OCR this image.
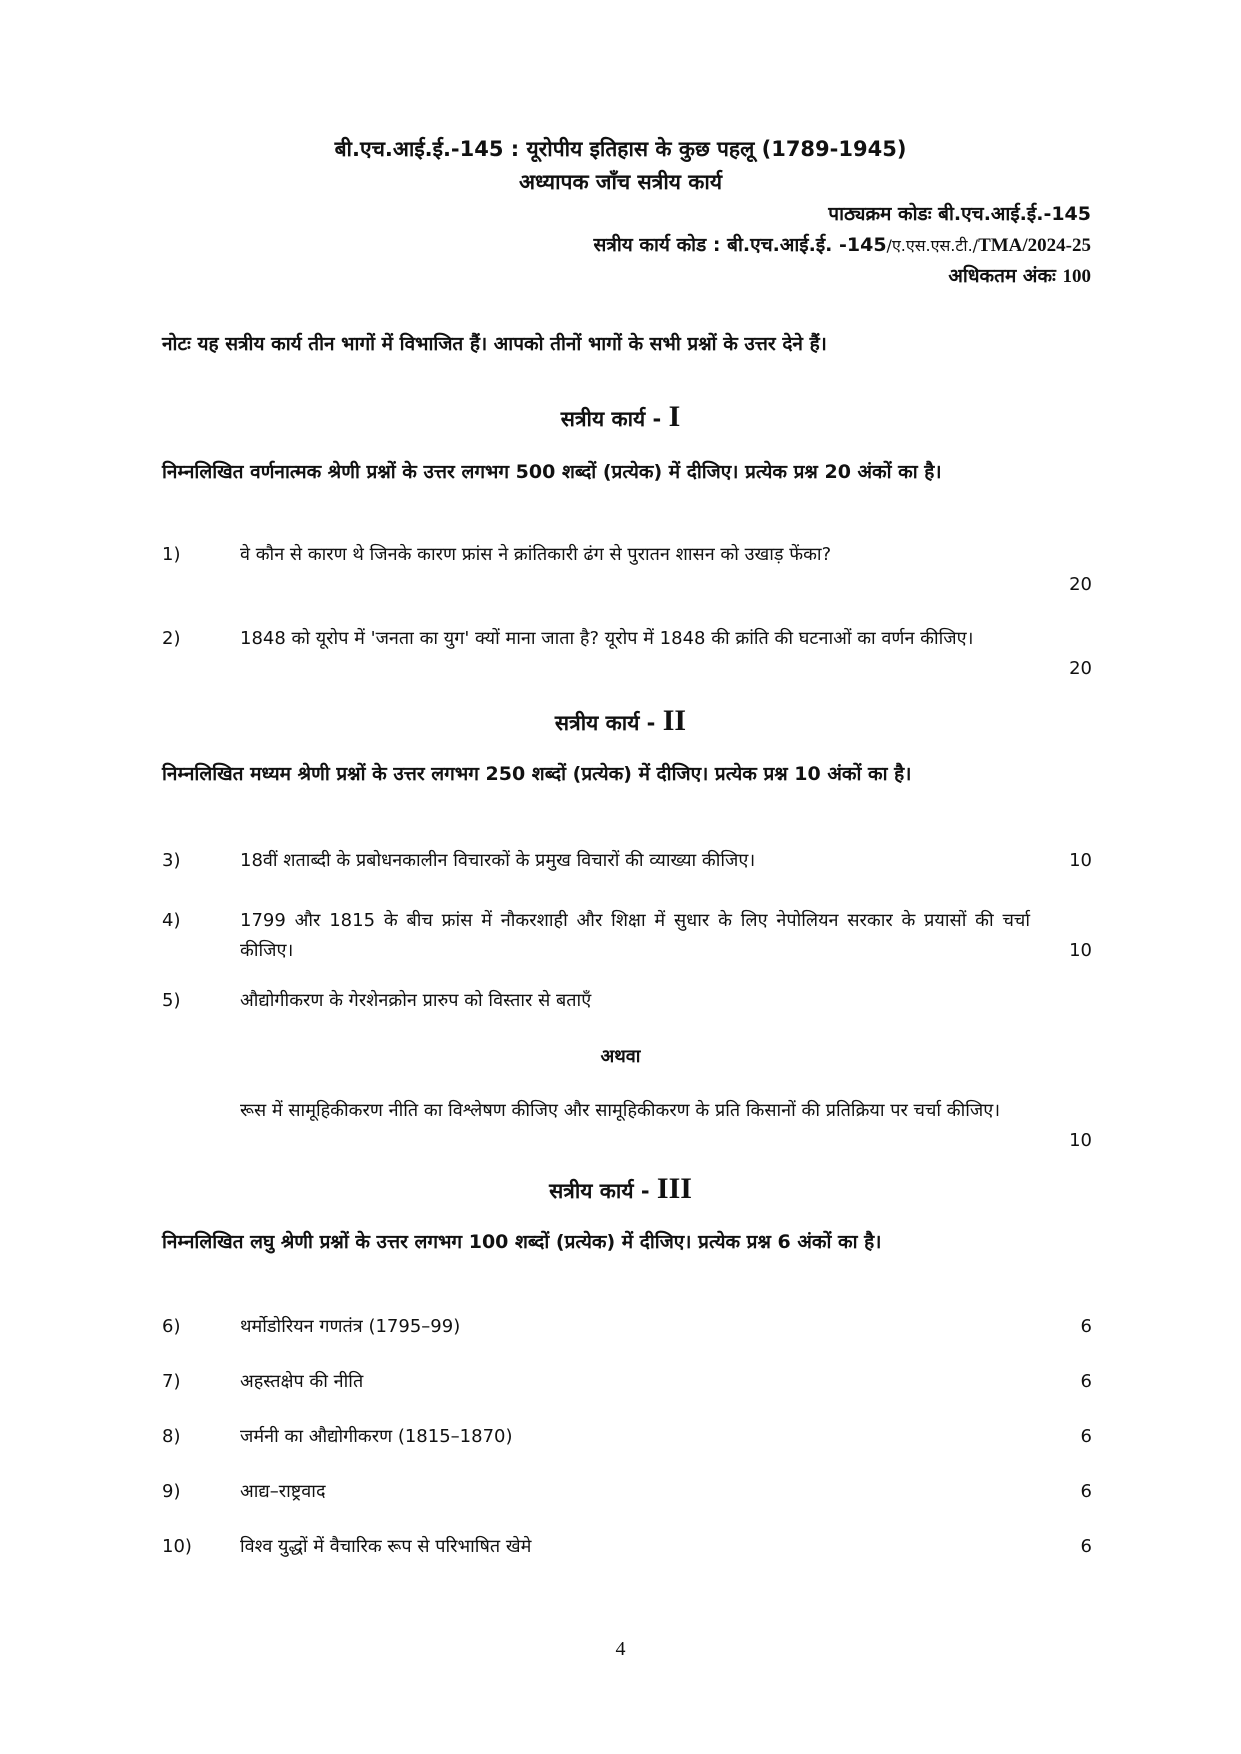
बी.एच.आई.ई.-145 : यूरोपीय इतिहास के कुछ पहलू (1789-1945)
अध्यापक जाँच सत्रीय कार्य
पाठ्यक्रम कोडः बी.एच.आई.ई.-145
सत्रीय कार्य कोड : बी.एच.आई.ई. -145/ए.एस.एस.टी./TMA/2024-25
अधिकतम अंकः 100
नोटः यह सत्रीय कार्य तीन भागों में विभाजित हैं। आपको तीनों भागों के सभी प्रश्नों के उत्तर देने हैं।
सत्रीय कार्य - I
निम्नलिखित वर्णनात्मक श्रेणी प्रश्नों के उत्तर लगभग 500 शब्दों (प्रत्येक) में दीजिए। प्रत्येक प्रश्न 20 अंकों का है।
1)	वे कौन से कारण थे जिनके कारण फ्रांस ने क्रांतिकारी ढंग से पुरातन शासन को उखाड़ फेंका?
20
2)	1848 को यूरोप में 'जनता का युग' क्यों माना जाता है? यूरोप में 1848 की क्रांति की घटनाओं का वर्णन कीजिए।
20
सत्रीय कार्य - II
निम्नलिखित मध्यम श्रेणी प्रश्नों के उत्तर लगभग 250 शब्दों (प्रत्येक) में दीजिए। प्रत्येक प्रश्न 10 अंकों का है।
3)	18वीं शताब्दी के प्रबोधनकालीन विचारकों के प्रमुख विचारों की व्याख्या कीजिए।	10
4)	1799 और 1815 के बीच फ्रांस में नौकरशाही और शिक्षा में सुधार के लिए नेपोलियन सरकार के प्रयासों की चर्चा कीजिए।	10
5)	औद्योगीकरण के गेरशेनक्रोन प्रारुप को विस्तार से बताएँ
अथवा
रूस में सामूहिकीकरण नीति का विश्लेषण कीजिए और सामूहिकीकरण के प्रति किसानों की प्रतिक्रिया पर चर्चा कीजिए।
10
सत्रीय कार्य - III
निम्नलिखित लघु श्रेणी प्रश्नों के उत्तर लगभग 100 शब्दों (प्रत्येक) में दीजिए। प्रत्येक प्रश्न 6 अंकों का है।
6)	थर्मोडोरियन गणतंत्र (1795–99)	6
7)	अहस्तक्षेप की नीति	6
8)	जर्मनी का औद्योगीकरण (1815–1870)	6
9)	आद्य–राष्ट्रवाद	6
10)	विश्व युद्धों में वैचारिक रूप से परिभाषित खेमे	6
4
